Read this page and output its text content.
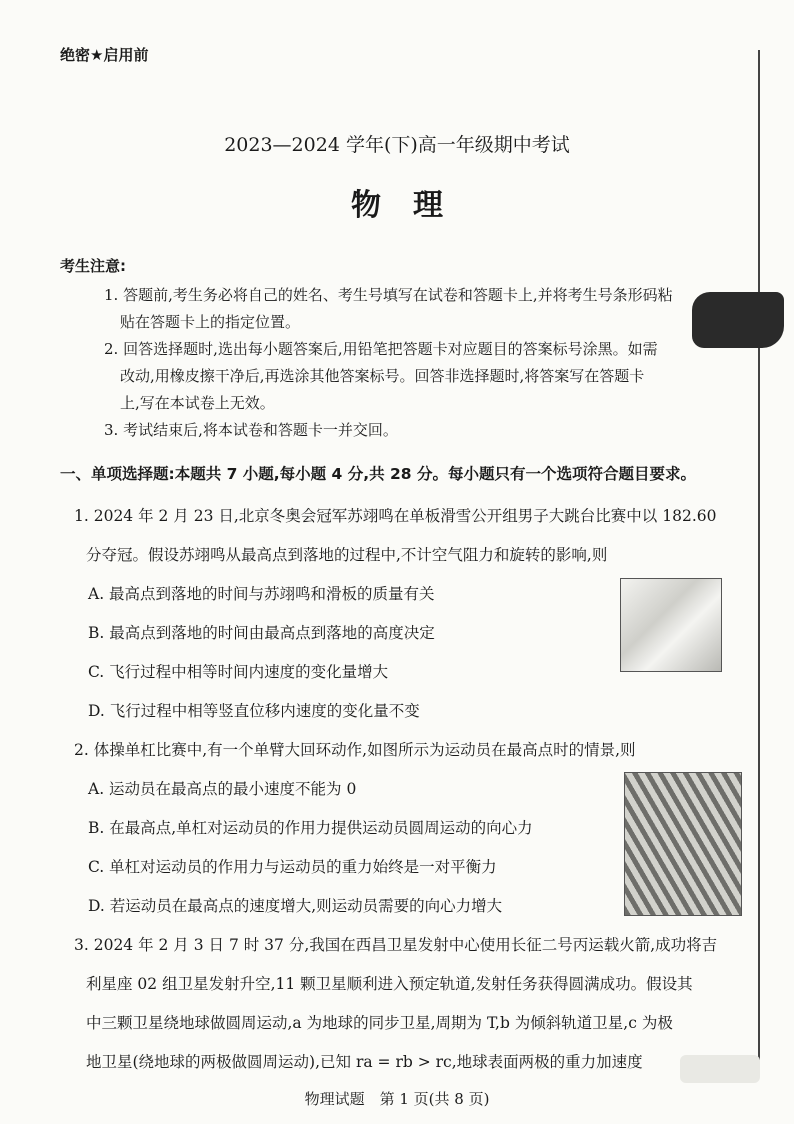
绝密★启用前
2023—2024 学年(下)高一年级期中考试
物理
考生注意:
1. 答题前,考生务必将自己的姓名、考生号填写在试卷和答题卡上,并将考生号条形码粘
贴在答题卡上的指定位置。
2. 回答选择题时,选出每小题答案后,用铅笔把答题卡对应题目的答案标号涂黑。如需
改动,用橡皮擦干净后,再选涂其他答案标号。回答非选择题时,将答案写在答题卡
上,写在本试卷上无效。
3. 考试结束后,将本试卷和答题卡一并交回。
一、单项选择题:本题共 7 小题,每小题 4 分,共 28 分。每小题只有一个选项符合题目要求。
1. 2024 年 2 月 23 日,北京冬奥会冠军苏翊鸣在单板滑雪公开组男子大跳台比赛中以 182.60
分夺冠。假设苏翊鸣从最高点到落地的过程中,不计空气阻力和旋转的影响,则
A. 最高点到落地的时间与苏翊鸣和滑板的质量有关
B. 最高点到落地的时间由最高点到落地的高度决定
C. 飞行过程中相等时间内速度的变化量增大
D. 飞行过程中相等竖直位移内速度的变化量不变
2. 体操单杠比赛中,有一个单臂大回环动作,如图所示为运动员在最高点时的情景,则
A. 运动员在最高点的最小速度不能为 0
B. 在最高点,单杠对运动员的作用力提供运动员圆周运动的向心力
C. 单杠对运动员的作用力与运动员的重力始终是一对平衡力
D. 若运动员在最高点的速度增大,则运动员需要的向心力增大
3. 2024 年 2 月 3 日 7 时 37 分,我国在西昌卫星发射中心使用长征二号丙运载火箭,成功将吉
利星座 02 组卫星发射升空,11 颗卫星顺利进入预定轨道,发射任务获得圆满成功。假设其
中三颗卫星绕地球做圆周运动,a 为地球的同步卫星,周期为 T,b 为倾斜轨道卫星,c 为极
地卫星(绕地球的两极做圆周运动),已知 ra = rb > rc,地球表面两极的重力加速度
物理试题　第 1 页(共 8 页)
